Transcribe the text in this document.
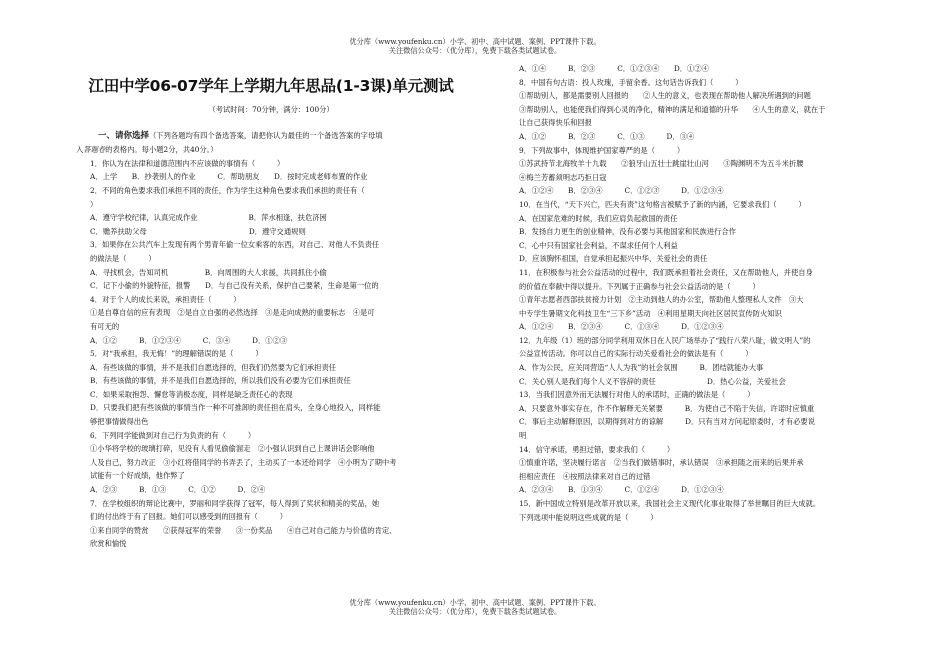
优分库（www.youfenku.cn）小学、初中、高中试题、案例、PPT课件下载。
关注微信公众号：（优分库），免费下载各类试题试卷。
江田中学06-07学年上学期九年思品(1-3课)单元测试
（考试时间：70分钟，满分：100分）
一、请你选择（下列各题均有四个备选答案，请把你认为最佳的一个备选答案的字母填
入答题卷的表格内。每小题2分，共40分。）
1．你认为在法律和道德范围内不应该做的事情有（　　　）
A．上学　　B．抄袭别人的作业　　　C．帮助朋友　　D．按时完成老师布置的作业
2．不同的角色要求我们承担不同的责任，作为学生这种角色要求我们承担的责任有（
）
A．遵守学校纪律，认真完成作业　　　　　　　B．萍水相逢，扶危济困
C．赡养扶助父母　　　　　　　　　　　　　　D．遵守交通规则
3．如果你在公共汽车上发现有两个男青年偷一位女乘客的东西，对自己、对他人不负责任
的做法是（　　　）
A．寻找机会，告知司机　　　　　B．向周围的大人求援，共同抓住小偷
C．记下小偷的外貌特征，报警　　D．与自己没有关系，保护自己要紧，生命是第一位的
4．对于个人的成长来说，承担责任（　　　）
①是自尊自信的应有表现　②是自立自强的必然选择　③是走向成熟的重要标志　④是可
有可无的
A．①②　　　B．①②③④　　　C．③④　　　D．①②③
5．对“我承担，我无悔！”的理解错误的是（　　　）
A．有些该做的事情，并不是我们自愿选择的，但我们仍然要为它们承担责任
B．有些该做的事情，并不是我们自愿选择的，所以我们没有必要为它们承担责任
C．如果采取抱怨、懈怠等消极态度，同样是缺乏责任心的表现
D．只要我们把有些该做的事情当作一种不可推卸的责任担在肩头，全身心地投入，同样能
够把事情做得出色
6．下列同学能做到对自己行为负责的有（　　　）
①小华将学校的玻璃打碎，见没有人看见偷偷溜走　②小强认识到自己上课讲话会影响他
人及自己，努力改正　③小红将借同学的书弄丢了，主动买了一本还给同学　④小明为了期中考
试能有一个好成绩，他作弊了
A．②③　　　B．①③　　　C．①②　　　D．②④
7．在学校组织的辩论比赛中，罗丽和同学获得了冠军，每人得到了奖状和精美的奖品，她
们的付出终于有了回报。她们可以感受到的回报有（　　　）
①来自同学的赞赏　　②获得冠军的荣誉　　③一份奖品　　④自己对自己能力与价值的肯定、
欣赏和愉悦
A．①④　　　B．②③　　　C．①②③④　　D．①②④
8．中国有句古语：投人玫瑰，手留余香。这句话告诉我们（　　　）
①帮助别人，都是需要别人回报的　　②人生的意义，也表现在帮助他人解决所遇到的问题
③帮助别人，也能使我们得到心灵的净化，精神的满足和道德的升华　　④人生的意义，就在于
让自己获得快乐和回报
A．①②　　　B．②③　　　C．①③　　　D．③④
9．下列故事中，体现维护国家尊严的是（　　　）
①苏武持节北海牧羊十九载　　②狼牙山五壮士跳崖壮山河　　③陶渊明不为五斗米折腰
④梅兰芳蓄须明志巧拒日寇
A．①②④　　B．②③④　　　C．①②③　　　D．①②③④
10．在当代，“天下兴亡，匹夫有责”这句格言被赋予了新的内涵，它要求我们（　　　）
A．在国家危难的时候，我们应肩负起救国的责任
B．发扬自力更生的创业精神，没有必要与其他国家和民族进行合作
C．心中只有国家社会利益，不谋求任何个人利益
D．应该胸怀祖国，自觉承担起振兴中华、关爱社会的责任
11．在积极参与社会公益活动的过程中，我们既承担着社会责任，又在帮助他人，并使自身
的价值在奉献中得以提升。下列属于正确参与社会公益活动的是（　　　）
①青年志愿者西部扶贫接力计划　②主动到他人的办公室，帮助他人整理私人文件　③大
中专学生暑期文化科技卫生“三下乡”活动　④利用星期天向社区居民宣传防火知识
A．①②④　　B．②③④　　　C．①③④　　　D．①②③④
12．九年级（1）班的部分同学利用双休日在人民广场举办了“践行八荣八耻，做文明人”的
公益宣传活动。你可以自己的实际行动关爱看社会的做法是有（　　　）
A．作为公民，应关同营造“人人为我”的社会氛围　　　B．团结就能办大事
C．关心别人是我们每个人义不容辞的责任　　　　　　　D．热心公益，关爱社会
13．当我们因意外而无法履行对他人的承诺时，正确的做法是（　　　）
A．只要意外事实存在，作不作解释无关紧要　　　B．为使自己不陷于失信，许诺时应慎重
C．事后主动解释原因，以期得到对方的谅解　　　D．只有当对方问起原委时，才有必要说
明
14．信守承诺，勇担过错，要求我们（　　　）
①慎重许诺，坚决履行诺言　②当我们做错事时，承认错误　③承担随之而来的后果并承
担相应责任　④按照法律来对自己的过错
A．②③④　　B．①③④　　　C．①②④　　　D．①②③④
15．新中国成立特别是改革开放以来，我国社会主义现代化事业取得了举世瞩目的巨大成就。
下列选项中能说明这些成就的是（　　　）
优分库（www.youfenku.cn）小学、初中、高中试题、案例、PPT课件下载。
关注微信公众号：（优分库），免费下载各类试题试卷。
